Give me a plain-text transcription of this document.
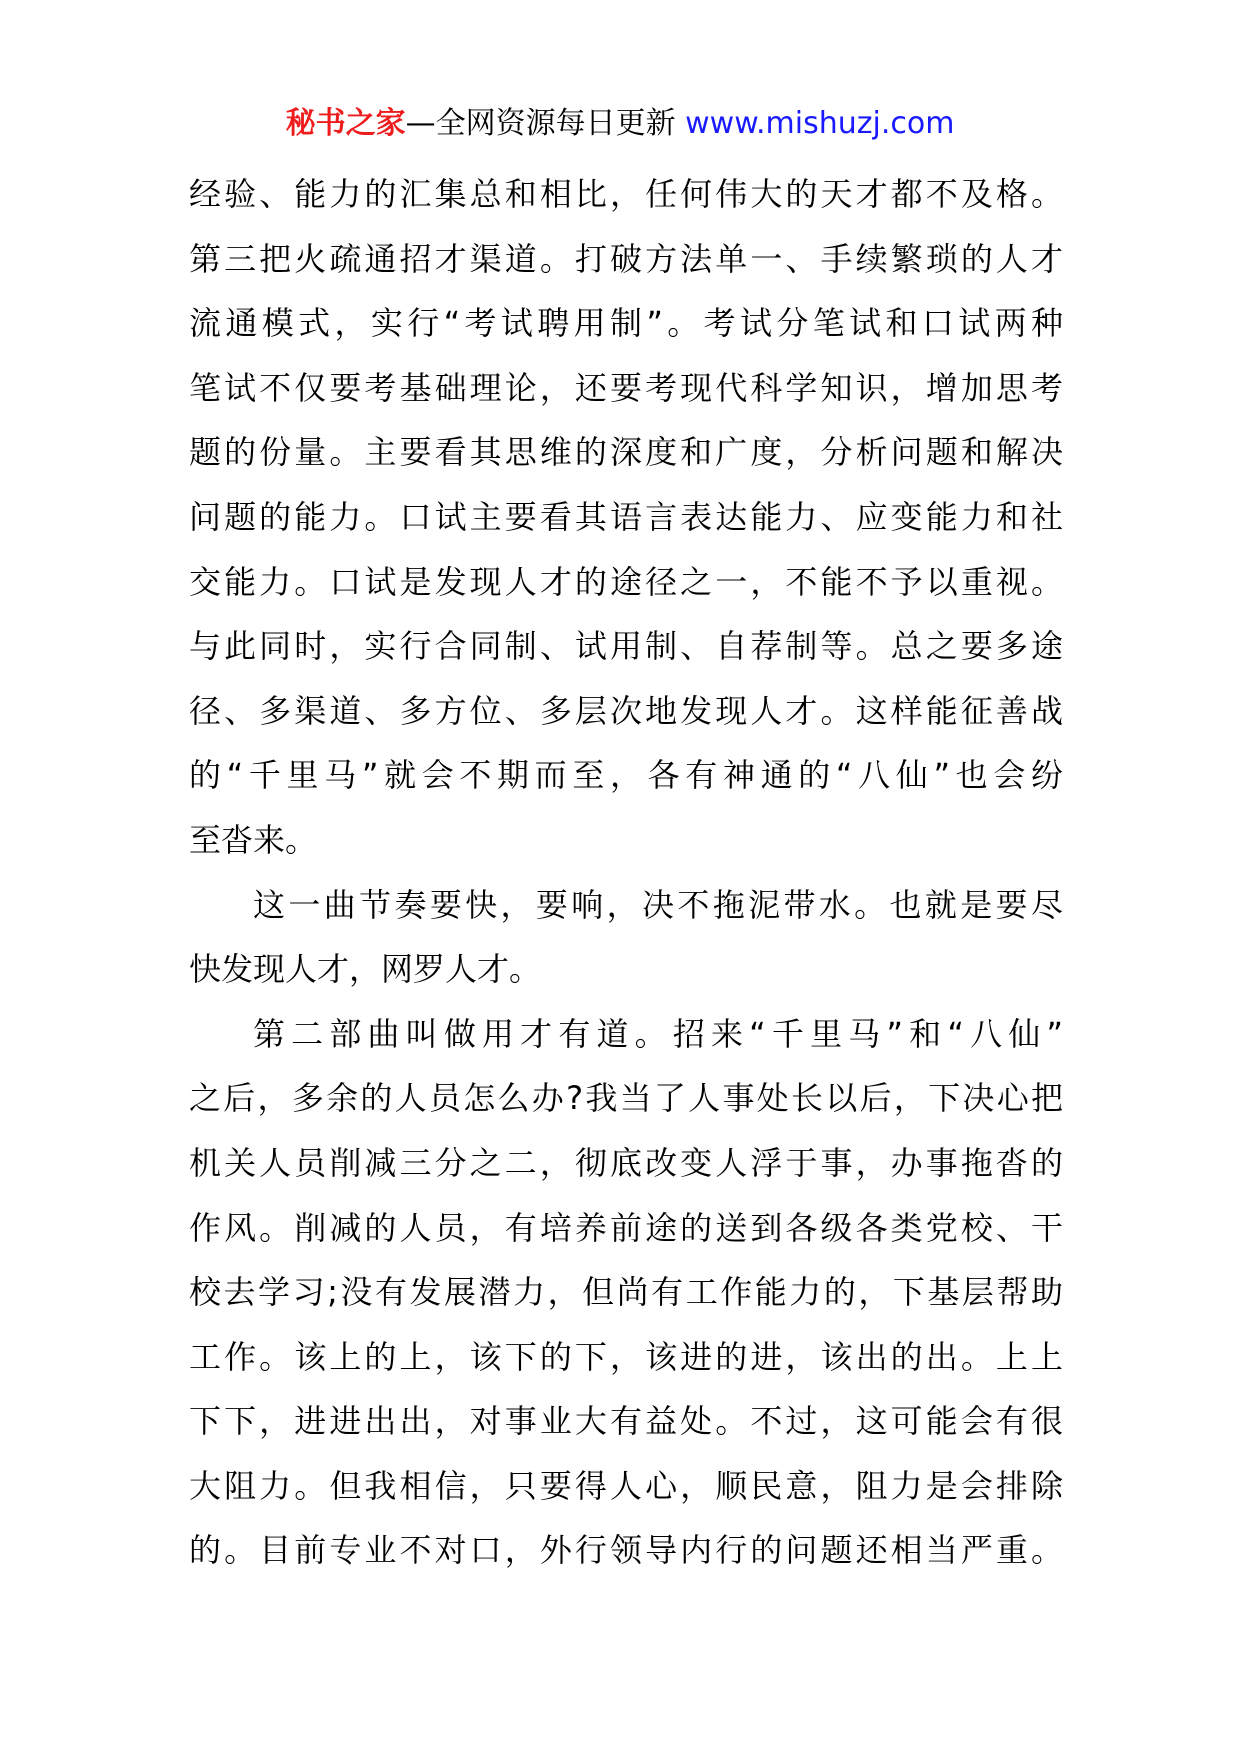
秘书之家—全网资源每日更新 www.mishuzj.com
经验、能力的汇集总和相比，任何伟大的天才都不及格。
第三把火疏通招才渠道。打破方法单一、手续繁琐的人才
流通模式，实行“考试聘用制”。考试分笔试和口试两种
笔试不仅要考基础理论，还要考现代科学知识，增加思考
题的份量。主要看其思维的深度和广度，分析问题和解决
问题的能力。口试主要看其语言表达能力、应变能力和社
交能力。口试是发现人才的途径之一，不能不予以重视。
与此同时，实行合同制、试用制、自荐制等。总之要多途
径、多渠道、多方位、多层次地发现人才。这样能征善战
的“千里马”就会不期而至，各有神通的“八仙”也会纷
至沓来。
这一曲节奏要快，要响，决不拖泥带水。也就是要尽
快发现人才，网罗人才。
第二部曲叫做用才有道。招来“千里马”和“八仙”
之后，多余的人员怎么办?我当了人事处长以后，下决心把
机关人员削减三分之二，彻底改变人浮于事，办事拖沓的
作风。削减的人员，有培养前途的送到各级各类党校、干
校去学习;没有发展潜力，但尚有工作能力的，下基层帮助
工作。该上的上，该下的下，该进的进，该出的出。上上
下下，进进出出，对事业大有益处。不过，这可能会有很
大阻力。但我相信，只要得人心，顺民意，阻力是会排除
的。目前专业不对口，外行领导内行的问题还相当严重。
